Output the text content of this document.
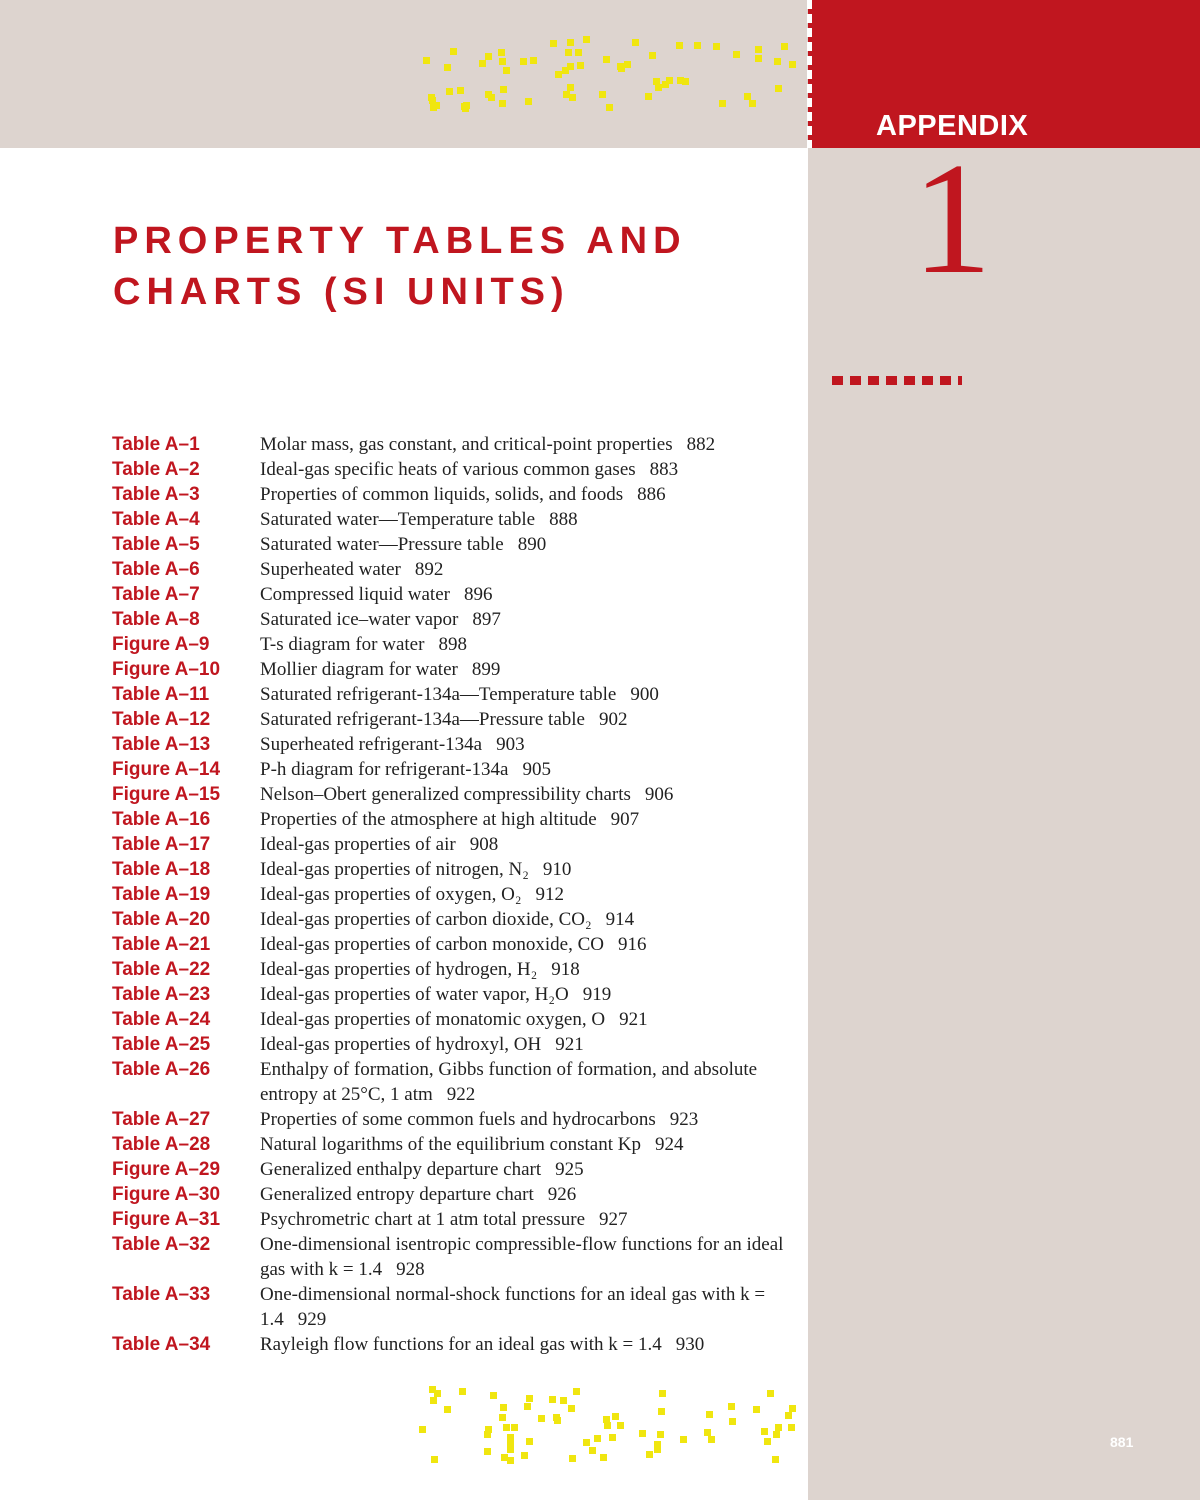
APPENDIX
1
PROPERTY TABLES AND
CHARTS (SI UNITS)
Table A–1	Molar mass, gas constant, and critical-point properties 882
Table A–2	Ideal-gas specific heats of various common gases 883
Table A–3	Properties of common liquids, solids, and foods 886
Table A–4	Saturated water—Temperature table 888
Table A–5	Saturated water—Pressure table 890
Table A–6	Superheated water 892
Table A–7	Compressed liquid water 896
Table A–8	Saturated ice–water vapor 897
Figure A–9	T-s diagram for water 898
Figure A–10	Mollier diagram for water 899
Table A–11	Saturated refrigerant-134a—Temperature table 900
Table A–12	Saturated refrigerant-134a—Pressure table 902
Table A–13	Superheated refrigerant-134a 903
Figure A–14	P-h diagram for refrigerant-134a 905
Figure A–15	Nelson–Obert generalized compressibility charts 906
Table A–16	Properties of the atmosphere at high altitude 907
Table A–17	Ideal-gas properties of air 908
Table A–18	Ideal-gas properties of nitrogen, N₂ 910
Table A–19	Ideal-gas properties of oxygen, O₂ 912
Table A–20	Ideal-gas properties of carbon dioxide, CO₂ 914
Table A–21	Ideal-gas properties of carbon monoxide, CO 916
Table A–22	Ideal-gas properties of hydrogen, H₂ 918
Table A–23	Ideal-gas properties of water vapor, H₂O 919
Table A–24	Ideal-gas properties of monatomic oxygen, O 921
Table A–25	Ideal-gas properties of hydroxyl, OH 921
Table A–26	Enthalpy of formation, Gibbs function of formation, and absolute entropy at 25°C, 1 atm 922
Table A–27	Properties of some common fuels and hydrocarbons 923
Table A–28	Natural logarithms of the equilibrium constant Kp 924
Figure A–29	Generalized enthalpy departure chart 925
Figure A–30	Generalized entropy departure chart 926
Figure A–31	Psychrometric chart at 1 atm total pressure 927
Table A–32	One-dimensional isentropic compressible-flow functions for an ideal gas with k = 1.4 928
Table A–33	One-dimensional normal-shock functions for an ideal gas with k = 1.4 929
Table A–34	Rayleigh flow functions for an ideal gas with k = 1.4 930
881
